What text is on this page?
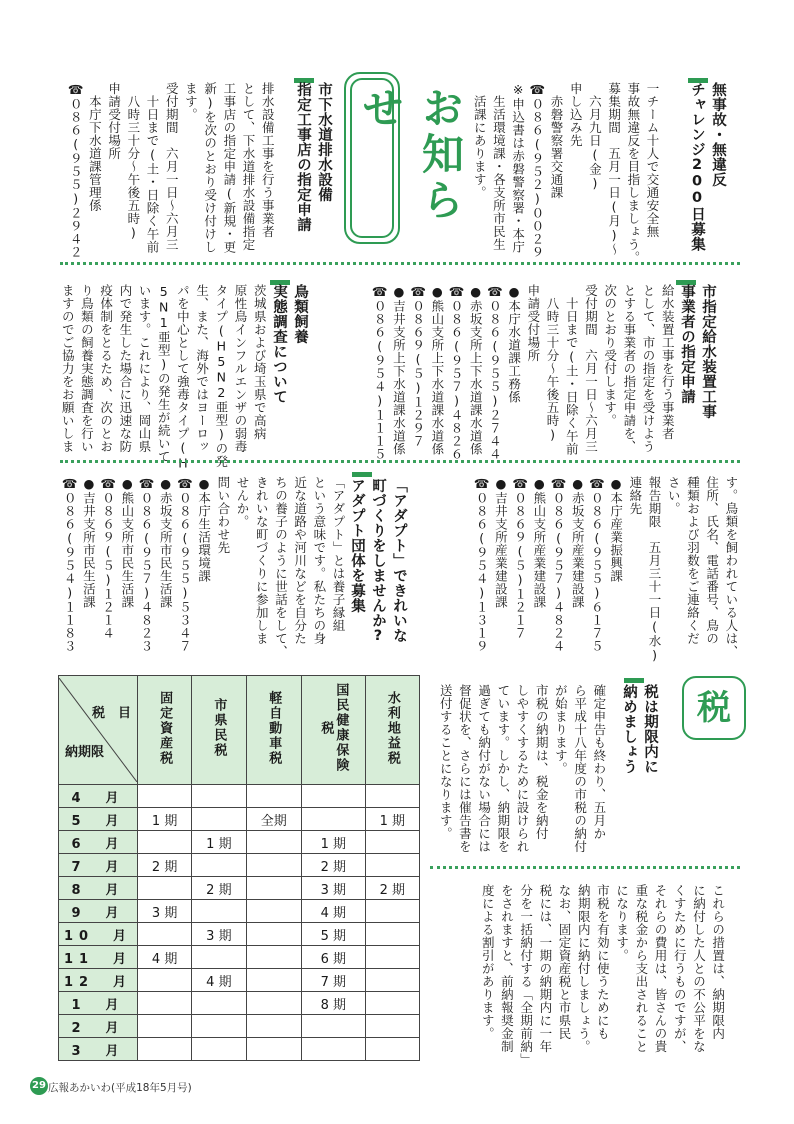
無事故・無違反
チャレンジ200日募集
一チーム十人で交通安全無
事故無違反を目指しましょう。
募集期間　五月一日(月)～
　六月九日(金)
申し込み先
　赤磐警察署交通課
☎０８６(９５２)００２９
※申込書は赤磐警察署・本庁
　生活環境課・各支所市民生
　活課にあります。
お知らせ
市下水道排水設備
指定工事店の指定申請
排水設備工事を行う事業者
として、下水道排水設備指定
工事店の指定申請(新規・更
新)を次のとおり受け付けし
ます。
受付期間　六月一日～六月三
　十日まで(土・日除く午前
　八時三十分～午後五時)
申請受付場所
　本庁下水道課管理係
☎０８６(９５５)２９４２
市指定給水装置工事
事業者の指定申請
給水装置工事を行う事業者
として、市の指定を受けよう
とする事業者の指定申請を、
次のとおり受付します。
受付期間　六月一日～六月三
　十日まで(土・日除く午前
　八時三十分～午後五時)
申請受付場所
●本庁水道課工務係
☎０８６(９５５)２７４４
●赤坂支所上下水道課水道係
☎０８６(９５７)４８２６
●熊山支所上下水道課水道係
☎０８６９(５)１２９７
●吉井支所上下水道課水道係
☎０８６(９５４)１１１５
鳥類飼養
実態調査について
茨城県および埼玉県で高病
原性鳥インフルエンザの弱毒
タイプ(H5N2亜型)の発
生、また、海外ではヨーロッ
パを中心として強毒タイプ(H
5N1亜型)の発生が続いて
います。これにより、岡山県
内で発生した場合に迅速な防
疫体制をとるため、次のとお
り鳥類の飼養実態調査を行い
ますのでご協力をお願いしま
す。鳥類を飼われている人は、
住所、氏名、電話番号、鳥の
種類および羽数をご連絡くだ
さい。
報告期限　五月三十一日(水)
連絡先
●本庁産業振興課
☎０８６(９５５)６１７５
●赤坂支所産業建設課
☎０８６(９５７)４８２４
●熊山支所産業建設課
☎０８６９(５)１２１７
●吉井支所産業建設課
☎０８６(９５４)１３１９
「アダプト」できれいな
町づくりをしませんか?
アダプト団体を募集
「アダプト」とは養子縁組
という意味です。私たちの身
近な道路や河川などを自分た
ちの養子のように世話をして、
きれいな町づくりに参加しま
せんか。
問い合わせ先
●本庁生活環境課
☎０８６(９５５)５３４７
●赤坂支所市民生活課
☎０８６(９５７)４８２３
●熊山支所市民生活課
☎０８６９(５)１２１４
●吉井支所市民生活課
☎０８６(９５４)１１８３
税
税は期限内に
納めましょう
確定申告も終わり、五月か
ら平成十八年度の市税の納付
が始まります。
市税の納期は、税金を納付
しやすくするために設けられ
ています。しかし、納期限を
過ぎても納付がない場合には
督促状を、さらには催告書を
送付することになります。
これらの措置は、納期限内
に納付した人との不公平をな
くすために行うものですが、
それらの費用は、皆さんの貴
重な税金から支出されること
になります。
市税を有効に使うためにも
納期限内に納付しましょう。
なお、固定資産税と市県民
税には、一期の納期内に一年
分を一括納付する「全期前納」
をされますと、前納報奨金制
度による割引があります。
税　目
納期限	固定資産税	市県民税	軽自動車税	国民健康保険税	水利地益税
4　月					
5　月	1 期		全期		1 期
6　月		1 期		1 期	
7　月	2 期			2 期	
8　月		2 期		3 期	2 期
9　月	3 期			4 期	
10　月		3 期		5 期	
11　月	4 期			6 期	
12　月		4 期		7 期	
1　月				8 期	
2　月					
3　月					
29 広報あかいわ(平成18年5月号)
